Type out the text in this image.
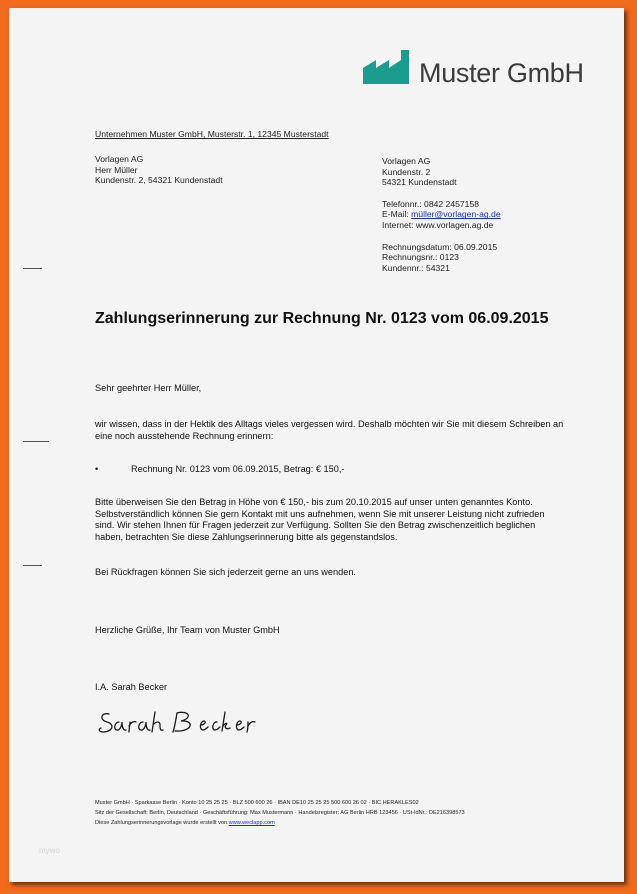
Muster GmbH
Unternehmen Muster GmbH, Musterstr. 1, 12345 Musterstadt
Vorlagen AG
Herr Müller
Kundenstr. 2, 54321 Kundenstadt
Vorlagen AG
Kundenstr. 2
54321 Kundenstadt
Telefonnr.: 0842 2457158
E-Mail: müller@vorlagen-ag.de
Internet: www.vorlagen.ag.de
Rechnungsdatum: 06.09.2015
Rechnungsnr.: 0123
Kundennr.: 54321
Zahlungserinnerung zur Rechnung Nr. 0123 vom 06.09.2015
Sehr geehrter Herr Müller,
wir wissen, dass in der Hektik des Alltags vieles vergessen wird. Deshalb möchten wir Sie mit diesem Schreiben an eine noch ausstehende Rechnung erinnern:
•	Rechnung Nr. 0123 vom 06.09.2015, Betrag: € 150,-
Bitte überweisen Sie den Betrag in Höhe von € 150,- bis zum 20.10.2015 auf unser unten genanntes Konto. Selbstverständlich können Sie gern Kontakt mit uns aufnehmen, wenn Sie mit unserer Leistung nicht zufrieden sind. Wir stehen Ihnen für Fragen jederzeit zur Verfügung. Sollten Sie den Betrag zwischenzeitlich beglichen haben, betrachten Sie diese Zahlungserinnerung bitte als gegenstandslos.
Bei Rückfragen können Sie sich jederzeit gerne an uns wenden.
Herzliche Grüße, Ihr Team von Muster GmbH
I.A. Sarah Becker
Muster GmbH · Sparkasse Berlin · Konto 10 25 25 25 · BLZ 500 600 26 · IBAN DE10 25 25 25 500 600 26 02 · BIC HERAKLES02
Sitz der Gesellschaft: Berlin, Deutschland · Geschäftsführung: Max Mustermann · Handelsregister: AG Berlin HRB 123456 · USt-IdNr.: DE216398573
Diese Zahlungserinnerungsvorlage wurde erstellt von www.weclapp.com
mywo
